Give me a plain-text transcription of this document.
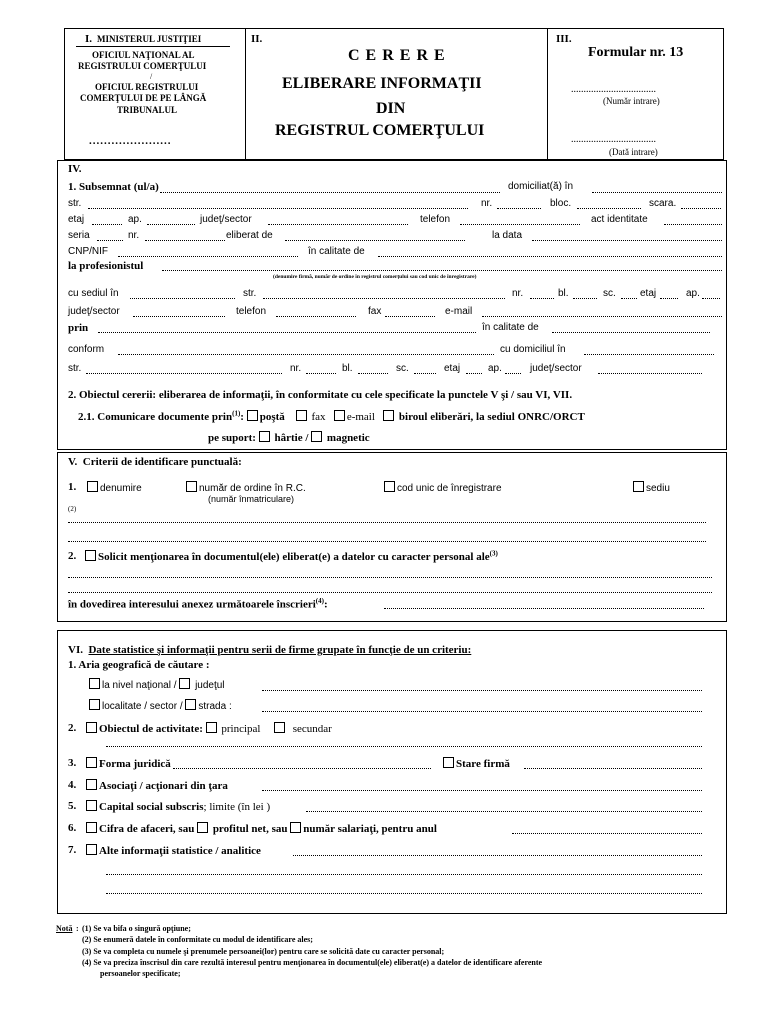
I. MINISTERUL JUSTIŢIEI
OFICIUL NAŢIONAL AL
REGISTRULUI COMERŢULUI
/
OFICIUL REGISTRULUI
COMERŢULUI DE PE LÂNGĂ
TRIBUNALUL
......................
II.
C E R E R E
ELIBERARE INFORMAŢII
DIN
REGISTRUL COMERŢULUI
III.
Formular nr. 13
..................................
(Număr intrare)
..................................
(Dată intrare)
IV.
1. Subsemnat (ul/a)	domiciliat(ă) în
str.	nr.	bloc.	scara.
etaj	ap.	judeţ/sector	telefon	act identitate
seria	nr.	eliberat de	la data
CNP/NIF	în calitate de
la profesionistul
(denumire firmă, număr de ordine în registrul comerţului sau cod unic de înregistrare)
cu sediul în	str.	nr.	bl.	sc. etaj	ap.
judeţ/sector	telefon	fax	e-mail
prin	în calitate de
conform	cu domiciliul în
str.	nr.	bl.	sc.	etaj	ap.	judeţ/sector
2. Obiectul cererii: eliberarea de informaţii, în conformitate cu cele specificate la punctele V şi / sau VI, VII.
2.1. Comunicare documente prin$^{(1)}$: poştă fax e-mail biroul eliberări, la sediul ONRC/ORCT
pe suport: hârtie / magnetic
V. Criterii de identificare punctuală:
1.	denumire	număr de ordine în R.C.
(număr înmatriculare)
cod unic de înregistrare	sediu
(2)
2.	Solicit menţionarea în documentul(ele) eliberat(e) a datelor cu caracter personal ale$^{(3)}$
în dovedirea interesului anexez următoarele înscrieri$^{(4)}$:
VI. Date statistice şi informaţii pentru serii de firme grupate în funcţie de un criteriu:
1. Aria geografică de căutare :
la nivel naţional / judeţul
localitate / sector / strada :
2.	Obiectul de activitate:  principal	secundar
3.	Forma juridică	Stare firmă
4.	Asociaţi / acţionari din ţara
5.	Capital social subscris; limite (în lei )
6.	Cifra de afaceri, sau profitul net, sau număr salariaţi, pentru anul
7.	Alte informaţii statistice / analitice
Notă : (1) Se va bifa o singură opţiune;
(2) Se enumeră datele în conformitate cu modul de identificare ales;
(3) Se va completa cu numele şi prenumele persoanei(lor) pentru care se solicită date cu caracter personal;
(4) Se va preciza înscrisul din care rezultă interesul pentru menţionarea în documentul(ele) eliberat(e) a datelor de identificare aferente
persoanelor specificate;
